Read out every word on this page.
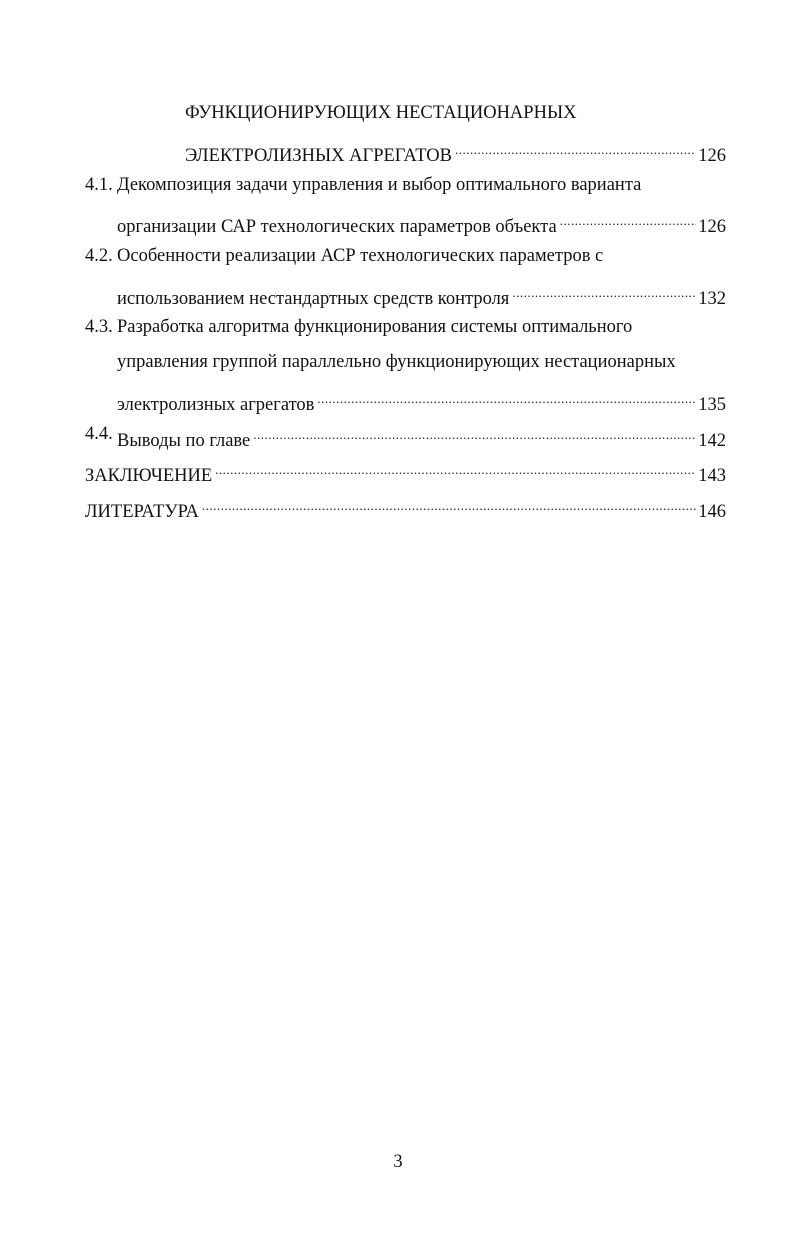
ФУНКЦИОНИРУЮЩИХ НЕСТАЦИОНАРНЫХ
ЭЛЕКТРОЛИЗНЫХ АГРЕГАТОВ .....	126
4.1. Декомпозиция задачи управления и выбор оптимального варианта
организации САР технологических параметров объекта .....	126
4.2. Особенности реализации АСР технологических параметров с
использованием нестандартных средств контроля .....	132
4.3. Разработка алгоритма функционирования системы оптимального
управления группой параллельно функционирующих нестационарных
электролизных агрегатов .....	135
4.4. Выводы по главе .....	142
ЗАКЛЮЧЕНИЕ .....	143
ЛИТЕРАТУРА .....	146
3
